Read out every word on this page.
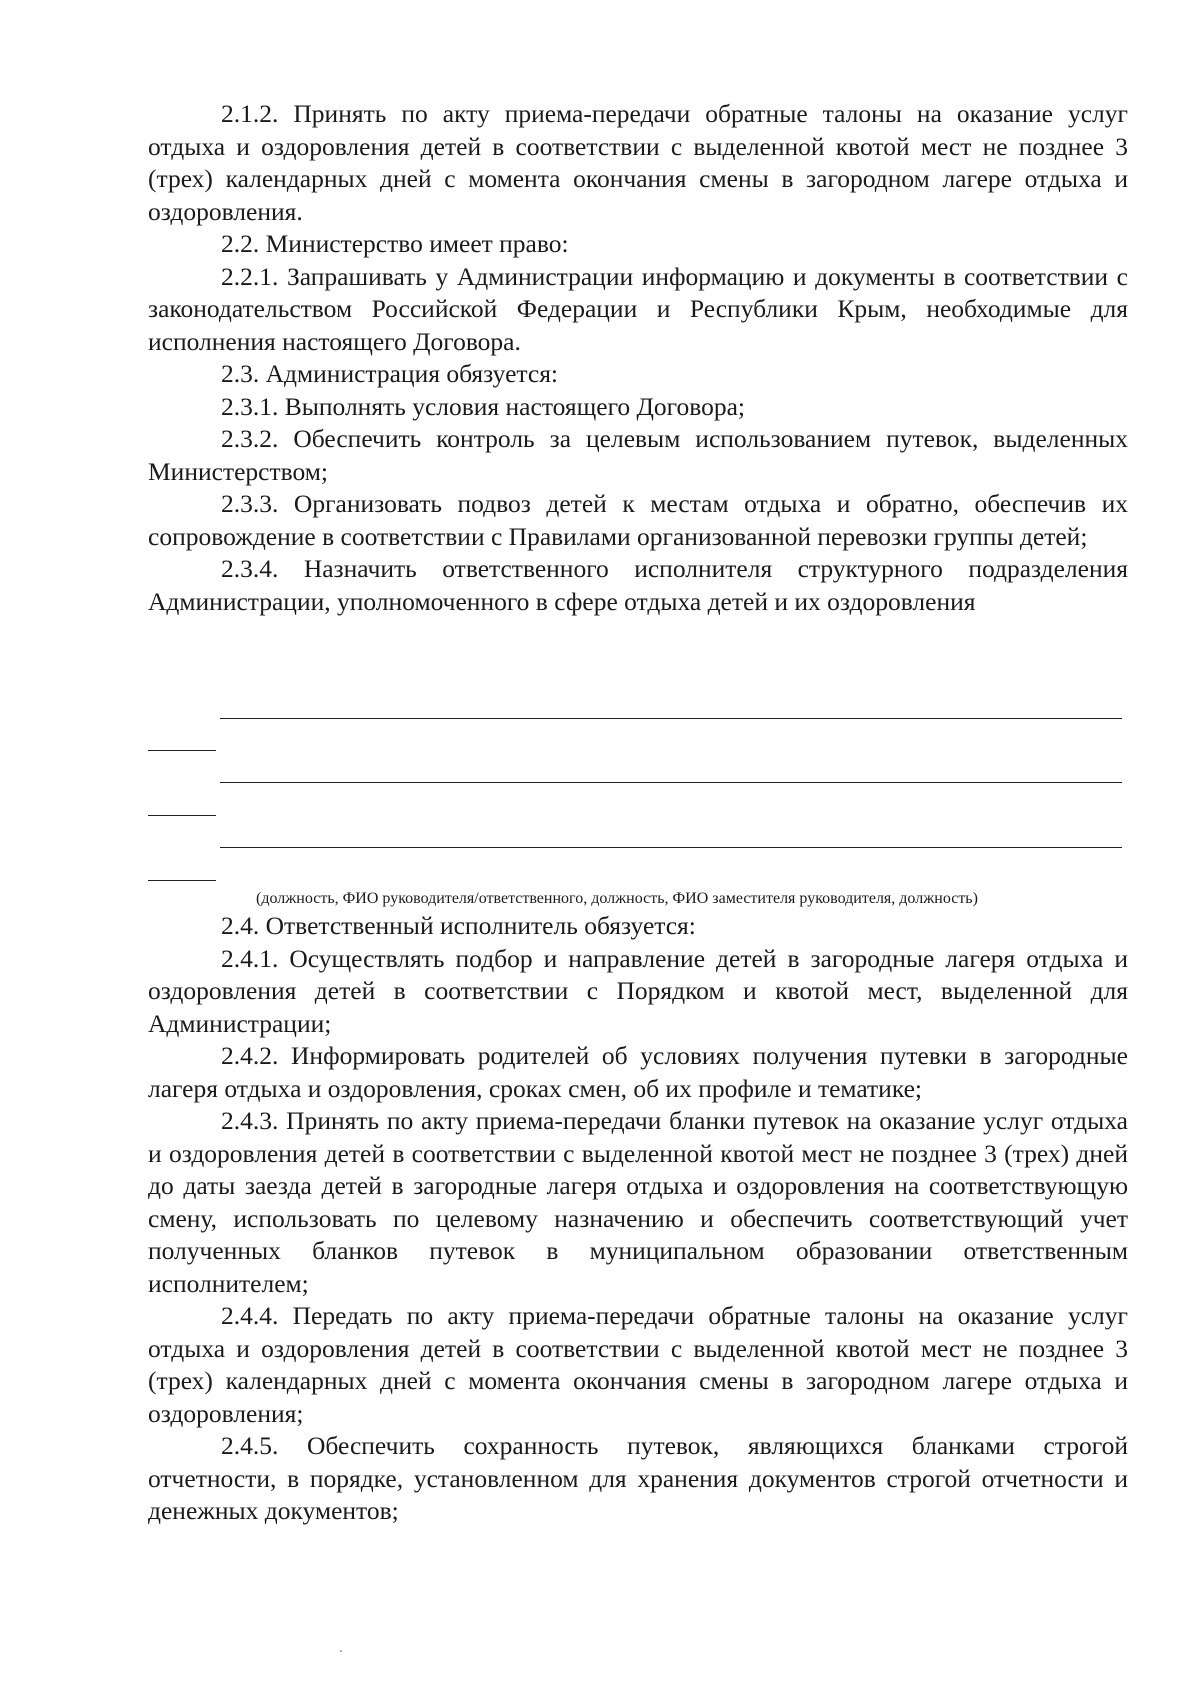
2.1.2. Принять по акту приема-передачи обратные талоны на оказание услуг отдыха и оздоровления детей в соответствии с выделенной квотой мест не позднее 3 (трех) календарных дней с момента окончания смены в загородном лагере отдыха и оздоровления.

2.2. Министерство имеет право:

2.2.1. Запрашивать у Администрации информацию и документы в соответствии с законодательством Российской Федерации и Республики Крым, необходимые для исполнения настоящего Договора.

2.3. Администрация обязуется:

2.3.1. Выполнять условия настоящего Договора;

2.3.2. Обеспечить контроль за целевым использованием путевок, выделенных Министерством;

2.3.3. Организовать подвоз детей к местам отдыха и обратно, обеспечив их сопровождение в соответствии с Правилами организованной перевозки группы детей;

2.3.4. Назначить ответственного исполнителя структурного подразделения Администрации, уполномоченного в сфере отдыха детей и их оздоровления

(должность, ФИО руководителя/ответственного, должность, ФИО заместителя руководителя, должность)

2.4. Ответственный исполнитель обязуется:

2.4.1. Осуществлять подбор и направление детей в загородные лагеря отдыха и оздоровления детей в соответствии с Порядком и квотой мест, выделенной для Администрации;

2.4.2. Информировать родителей об условиях получения путевки в загородные лагеря отдыха и оздоровления, сроках смен, об их профиле и тематике;

2.4.3. Принять по акту приема-передачи бланки путевок на оказание услуг отдыха и оздоровления детей в соответствии с выделенной квотой мест не позднее 3 (трех) дней до даты заезда детей в загородные лагеря отдыха и оздоровления на соответствующую смену, использовать по целевому назначению и обеспечить соответствующий учет полученных бланков путевок в муниципальном образовании ответственным исполнителем;

2.4.4. Передать по акту приема-передачи обратные талоны на оказание услуг отдыха и оздоровления детей в соответствии с выделенной квотой мест не позднее 3 (трех) календарных дней с момента окончания смены в загородном лагере отдыха и оздоровления;

2.4.5. Обеспечить сохранность путевок, являющихся бланками строгой отчетности, в порядке, установленном для хранения документов строгой отчетности и денежных документов;
